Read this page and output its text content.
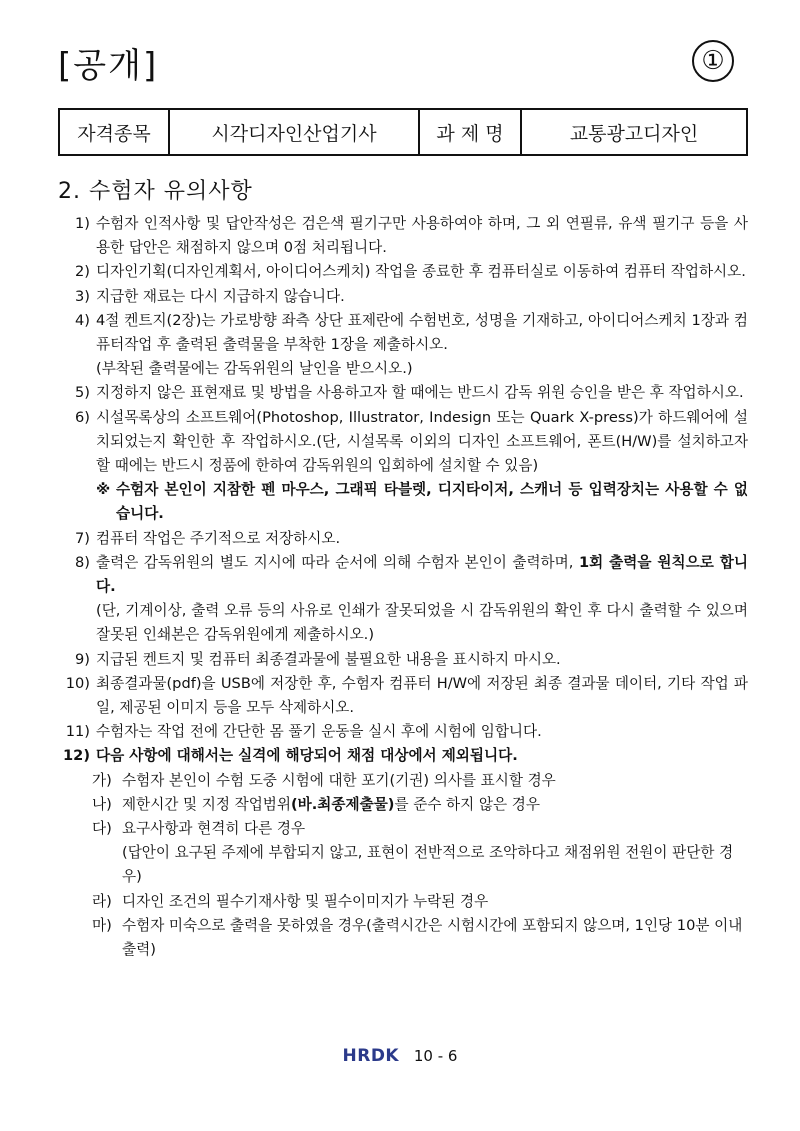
[공개]	①
자격종목	시각디자인산업기사	과 제 명	교통광고디자인
2. 수험자 유의사항
1) 수험자 인적사항 및 답안작성은 검은색 필기구만 사용하여야 하며, 그 외 연필류, 유색 필기구 등을 사용한 답안은 채점하지 않으며 0점 처리됩니다.
2) 디자인기획(디자인계획서, 아이디어스케치) 작업을 종료한 후 컴퓨터실로 이동하여 컴퓨터 작업하시오.
3) 지급한 재료는 다시 지급하지 않습니다.
4) 4절 켄트지(2장)는 가로방향 좌측 상단 표제란에 수험번호, 성명을 기재하고, 아이디어스케치 1장과 컴퓨터작업 후 출력된 출력물을 부착한 1장을 제출하시오.
(부착된 출력물에는 감독위원의 날인을 받으시오.)
5) 지정하지 않은 표현재료 및 방법을 사용하고자 할 때에는 반드시 감독 위원 승인을 받은 후 작업하시오.
6) 시설목록상의 소프트웨어(Photoshop, Illustrator, Indesign 또는 Quark X-press)가 하드웨어에 설치되었는지 확인한 후 작업하시오.(단, 시설목록 이외의 디자인 소프트웨어, 폰트(H/W)를 설치하고자 할 때에는 반드시 정품에 한하여 감독위원의 입회하에 설치할 수 있음)
※ 수험자 본인이 지참한 펜 마우스, 그래픽 타블렛, 디지타이저, 스캐너 등 입력장치는 사용할 수 없습니다.
7) 컴퓨터 작업은 주기적으로 저장하시오.
8) 출력은 감독위원의 별도 지시에 따라 순서에 의해 수험자 본인이 출력하며, 1회 출력을 원칙으로 합니다.
(단, 기계이상, 출력 오류 등의 사유로 인쇄가 잘못되었을 시 감독위원의 확인 후 다시 출력할 수 있으며 잘못된 인쇄본은 감독위원에게 제출하시오.)
9) 지급된 켄트지 및 컴퓨터 최종결과물에 불필요한 내용을 표시하지 마시오.
10) 최종결과물(pdf)을 USB에 저장한 후, 수험자 컴퓨터 H/W에 저장된 최종 결과물 데이터, 기타 작업 파일, 제공된 이미지 등을 모두 삭제하시오.
11) 수험자는 작업 전에 간단한 몸 풀기 운동을 실시 후에 시험에 임합니다.
12) 다음 사항에 대해서는 실격에 해당되어 채점 대상에서 제외됩니다.
가) 수험자 본인이 수험 도중 시험에 대한 포기(기권) 의사를 표시할 경우
나) 제한시간 및 지정 작업범위(바.최종제출물)를 준수 하지 않은 경우
다) 요구사항과 현격히 다른 경우
(답안이 요구된 주제에 부합되지 않고, 표현이 전반적으로 조악하다고 채점위원 전원이 판단한 경우)
라) 디자인 조건의 필수기재사항 및 필수이미지가 누락된 경우
마) 수험자 미숙으로 출력을 못하였을 경우(출력시간은 시험시간에 포함되지 않으며, 1인당 10분 이내 출력)
HRDK 10 - 6
